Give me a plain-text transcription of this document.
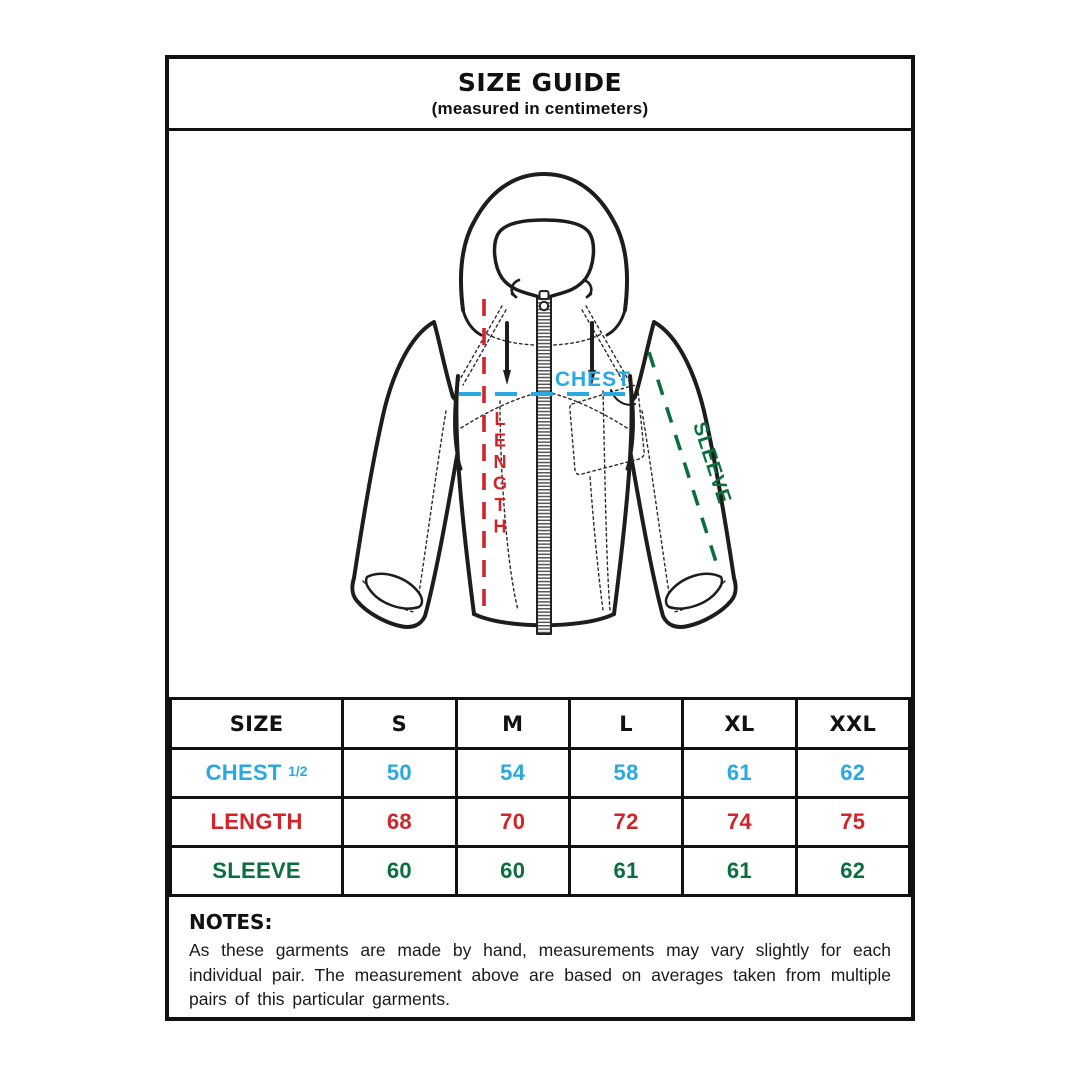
SIZE GUIDE
(measured in centimeters)
CHEST
L
E
N
G
T
H
SLEEVE
SIZE	S	M	L	XL	XXL
CHEST $^{1/2}$	50	54	58	61	62
LENGTH	68	70	72	74	75
SLEEVE	60	60	61	61	62

NOTES:

As these garments are made by hand, measurements may vary slightly for each individual pair. The measurement above are based on averages taken from multiple pairs of this particular garments.
